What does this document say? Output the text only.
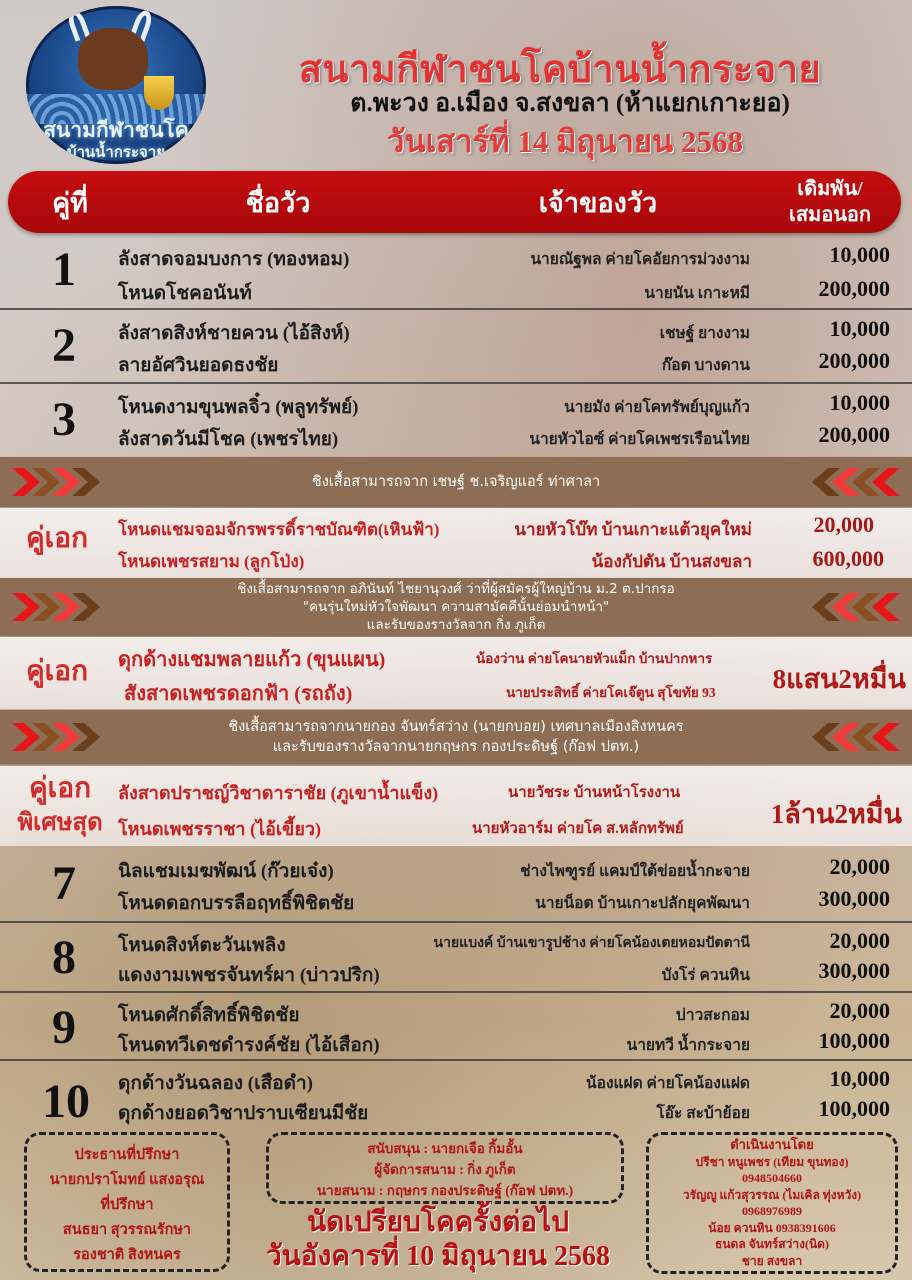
สนามกีฬาชนโค
บ้านน้ำกระจาย
สนามกีฬาชนโคบ้านน้ำกระจาย
ต.พะวง อ.เมือง จ.สงขลา (ห้าแยกเกาะยอ)
วันเสาร์ที่ 14 มิถุนายน 2568
คู่ที่	ชื่อวัว	เจ้าของวัว	เดิมพัน/
เสมอนอก
1	ลังสาดจอมบงการ (ทองหอม)	นายณัฐพล ค่ายโคอัยการม่วงงาม	10,000
โหนดโชคอนันท์	นายนัน เกาะหมี	200,000
2	ลังสาดสิงห์ชายควน (ไอ้สิงห์)	เชษฐ์ ยางงาม	10,000
ลายอัศวินยอดธงชัย	ก๊อต บางดาน	200,000
3	โหนดงามขุนพลจิ๋ว (พลูทรัพย์)	นายมัง ค่ายโคทรัพย์บุญแก้ว	10,000
ลังสาดวันมีโชค (เพชรไทย)	นายหัวไอซ์ ค่ายโคเพชรเรือนไทย	200,000
ชิงเสื้อสามารถจาก เชษฐ์ ช.เจริญแอร์ ท่าศาลา
คู่เอก	โหนดแชมจอมจักรพรรดิ์ราชบัณฑิต(เหินฟ้า)	นายหัวโบ๊ท บ้านเกาะแต้วยุคใหม่	20,000
โหนดเพชรสยาม (ลูกโป่ง)	น้องกัปตัน บ้านสงขลา	600,000
ชิงเสื้อสามารถจาก อภินันท์ ไชยานุวงศ์ ว่าที่ผู้สมัครผู้ใหญ่บ้าน ม.2 ต.ปากรอ
"คนรุ่นใหม่หัวใจพัฒนา ความสามัคคีนั้นย่อมนำหน้า"
และรับของรางวัลจาก กิ่ง ภูเก็ต
คู่เอก	ดุกด้างแชมพลายแก้ว (ขุนแผน)	น้องว่าน ค่ายโคนายหัวแม็ก บ้านปากหาร
สังสาดเพชรดอกฟ้า (รถถัง)	นายประสิทธิ์ ค่ายโคเจ๊ตูน สุโขทัย 93	8แสน2หมื่น
ชิงเสื้อสามารถจากนายกอง จันทร์สว่าง (นายกบอย) เทศบาลเมืองสิงหนคร
และรับของรางวัลจากนายกฤษกร กองประดิษฐ์ (ก๊อฟ ปตท.)
คู่เอก
พิเศษสุด
ลังสาดปราชญ์วิชาดาราชัย (ภูเขาน้ำแข็ง)	นายวัชระ บ้านหน้าโรงงาน
โหนดเพชรราชา (ไอ้เขี้ยว)	นายหัวอาร์ม ค่ายโค ส.หลักทรัพย์	1ล้าน2หมื่น
7	นิลแชมเมฆพัฒน์ (ก๊วยเจ๋ง)	ช่างไพฑูรย์ แคมป์ใต้ข่อยน้ำกะจาย	20,000
โหนดดอกบรรลือฤทธิ์พิชิตชัย	นายน็อต บ้านเกาะปลักยุคพัฒนา	300,000
8	โหนดสิงห์ตะวันเพลิง	นายแบงค์ บ้านเขารูปช้าง ค่ายโคน้องเตยหอมปัตตานี	20,000
แดงงามเพชรจันทร์ผา (บ่าวปริก)	บังโร่ ควนหิน	300,000
9	โหนดศักดิ์สิทธิ์พิชิตชัย	บ่าวสะกอม	20,000
โหนดทวีเดชดำรงค์ชัย (ไอ้เสือก)	นายทวี น้ำกระจาย	100,000
10	ดุกด้างวันฉลอง (เสือดำ)	น้องแฝด ค่ายโคน้องแฝด	10,000
ดุกด้างยอดวิชาปราบเซียนมีชัย	โอ๊ะ สะบ้าย้อย	100,000
ประธานที่ปรึกษา
นายกปราโมทย์ แสงอรุณ
ที่ปรึกษา
สนธยา สุวรรณรักษา
รองชาติ สิงหนคร
สนับสนุน : นายกเจือ กิ้มอั้น
ผู้จัดการสนาม : กิ่ง ภูเก็ต
นายสนาม : กฤษกร กองประดิษฐ์ (ก๊อฟ ปตท.)
นัดเปรียบโคครั้งต่อไป
วันอังคารที่ 10 มิถุนายน 2568
ดำเนินงานโดย
ปรีชา หนูเพชร (เทียม ขุนทอง)
0948504660
วรัญญู แก้วสุวรรณ (ไมเคิล ทุ่งหวัง)
0968976989
น้อย ควนหิน 0938391606
ธนดล จันทร์สว่าง(นิด)
ชาย สงขลา
